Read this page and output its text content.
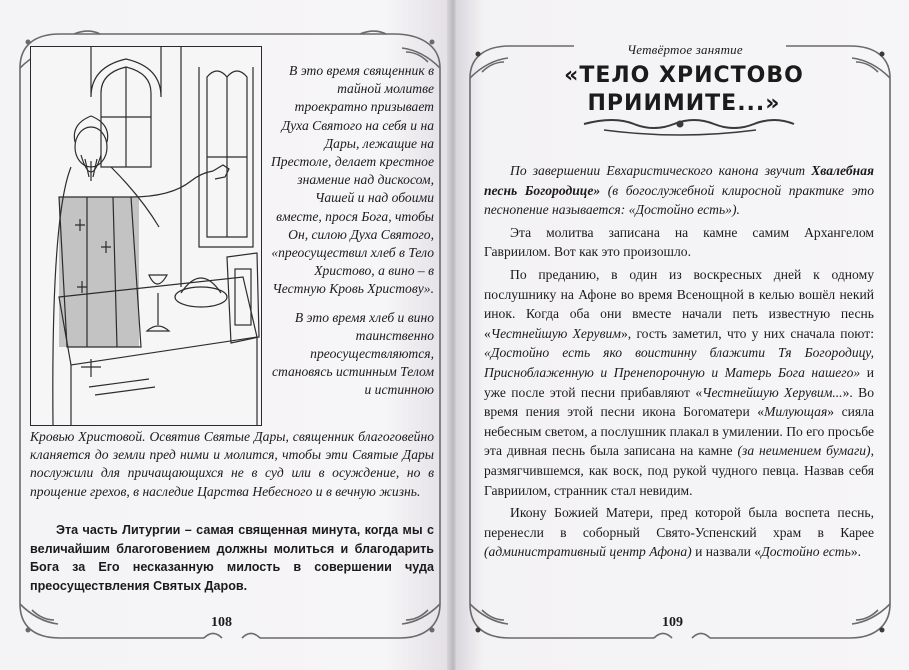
В это время священник в тайной молитве троекратно призывает Духа Святого на себя и на Дары, лежащие на Престоле, делает крестное знамение над дискосом, Чашей и над обоими вместе, прося Бога, чтобы Он, силою Духа Святого, «преосуществил хлеб в Тело Христово, а вино – в Честную Кровь Христову».

В это время хлеб и вино таинственно преосуществляются, становясь истинным Телом и истинною

Кровью Христовой. Освятив Святые Дары, священник благоговейно кланяется до земли пред ними и молится, чтобы эти Святые Дары послужили для причащающихся не в суд или в осуждение, но в прощение грехов, в наследие Царства Небесного и в вечную жизнь.
Эта часть Литургии – самая священная минута, когда мы с величайшим благоговением должны молиться и благодарить Бога за Его несказанную милость в совершении чуда преосуществления Святых Даров.
108
Четвёртое занятие
«ТЕЛО ХРИСТОВО
ПРИИМИТЕ...»

По завершении Евхаристического канона звучит Хвалебная песнь Богородице» (в богослужебной клиросной практике это песнопение называется: «Достойно есть»).

Эта молитва записана на камне самим Архангелом Гавриилом. Вот как это произошло.

По преданию, в один из воскресных дней к одному послушнику на Афоне во время Всенощной в келью вошёл некий инок. Когда оба они вместе начали петь известную песнь «Честнейшую Херувим», гость заметил, что у них сначала поют: «Достойно есть яко воистинну блажити Тя Богородицу, Присноблаженную и Пренепорочную и Матерь Бога нашего» и уже после этой песни прибавляют «Честнейшую Херувим...». Во время пения этой песни икона Богоматери «Милующая» сияла небесным светом, а послушник плакал в умилении. По его просьбе эта дивная песнь была записана на камне (за неимением бумаги), размягчившемся, как воск, под рукой чудного певца. Назвав себя Гавриилом, странник стал невидим.

Икону Божией Матери, пред которой была воспета песнь, перенесли в соборный Свято-Успенский храм в Карее (административный центр Афона) и назвали «Достойно есть».

109
